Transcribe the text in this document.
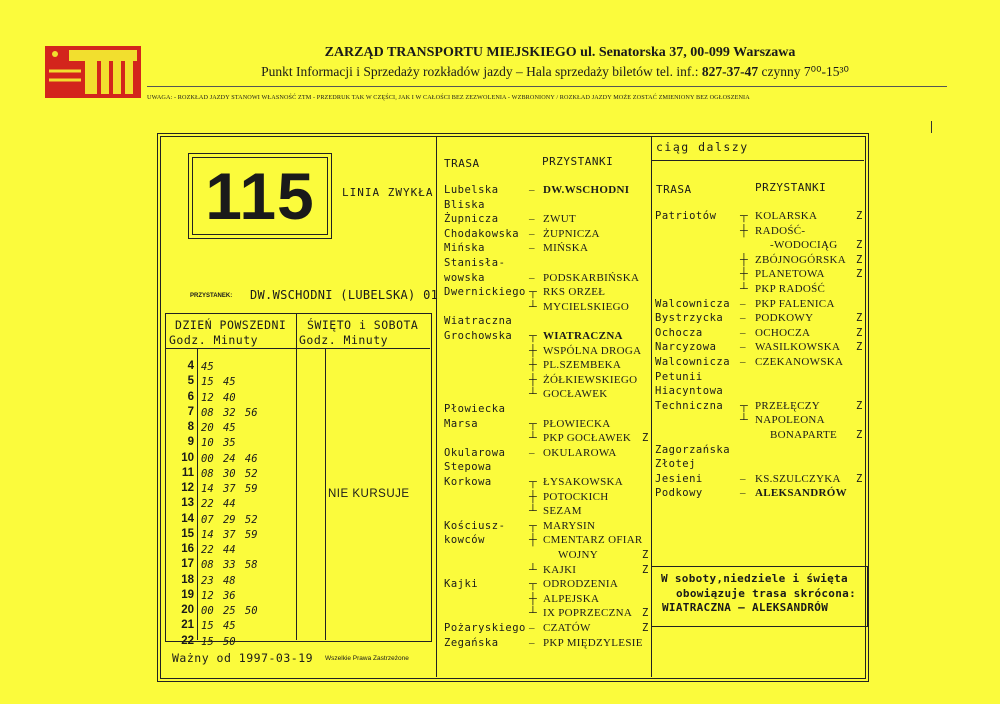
ZARZĄD TRANSPORTU MIEJSKIEGO ul. Senatorska 37, 00-099 Warszawa
Punkt Informacji i Sprzedaży rozkładów jazdy – Hala sprzedaży biletów tel. inf.: 827-37-47 czynny 7⁰⁰-15³⁰
UWAGA: - ROZKŁAD JAZDY STANOWI WŁASNOŚĆ ZTM - PRZEDRUK TAK W CZĘŚCI, JAK I W CAŁOŚCI BEZ ZEZWOLENIA - WZBRONIONY / ROZKŁAD JAZDY MOŻE ZOSTAĆ ZMIENIONY BEZ OGŁOSZENIA
115	LINIA ZWYKŁA
PRZYSTANEK: DW.WSCHODNI (LUBELSKA) 01
DZIEŃ POWSZEDNI
Godz. Minuty
ŚWIĘTO i SOBOTA
Godz. Minuty
4 45
5 15 45
6 12 40
7 08 32 56
8 20 45
9 10 35
10 00 24 46
11 08 30 52
12 14 37 59
13 22 44
14 07 29 52
15 14 37 59
16 22 44
17 08 33 58
18 23 48
19 12 36
20 00 25 50
21 15 45
22 15 50
NIE KURSUJE
Ważny od 1997-03-19 Wszelkie Prawa Zastrzeżone
TRASA	PRZYSTANKI
Lubelska	– DW.WSCHODNI
Bliska
Żupnicza	– ZWUT
Chodakowska – ŻUPNICZA
Mińska	– MIŃSKA
Stanisła-
wowska	– PODSKARBIŃSKA
Dwernickiego ┬ RKS ORZEŁ
┴ MYCIELSKIEGO
Wiatraczna
Grochowska ┬ WIATRACZNA
┼ WSPÓLNA DROGA
┼ PL.SZEMBEKA
┼ ŻÓŁKIEWSKIEGO
┴ GOCŁAWEK
Płowiecka
Marsa	┬ PŁOWIECKA
┴ PKP GOCŁAWEK Z
Okularowa – OKULAROWA
Stepowa
Korkowa	┬ ŁYSAKOWSKA
┼ POTOCKICH
┴ SEZAM
Kościusz- ┬ MARYSIN
kowców	┼ CMENTARZ OFIAR
WOJNY	Z
┴ KAJKI	Z
Kajki	┬ ODRODZENIA
┼ ALPEJSKA
┴ IX POPRZECZNA Z
Pożaryskiego – CZATÓW	Z
Zegańska	– PKP MIĘDZYLESIE
ciąg dalszy
TRASA	PRZYSTANKI
Patriotów ┬ KOLARSKA	Z
┼ RADOŚĆ-
-WODOCIĄG Z
┼ ZBÓJNOGÓRSKA Z
┼ PLANETOWA	Z
┴ PKP RADOŚĆ
Walcownicza – PKP FALENICA
Bystrzycka – PODKOWY	Z
Ochocza	– OCHOCZA	Z
Narcyzowa – WASILKOWSKA Z
Walcownicza – CZEKANOWSKA
Petunii
Hiacyntowa
Techniczna ┬ PRZEŁĘCZY	Z
┴ NAPOLEONA
BONAPARTE Z
Zagorzańska
Złotej
Jesieni	– KS.SZULCZYKA Z
Podkowy	– ALEKSANDRÓW
W soboty,niedziele i święta
obowiązuje trasa skrócona:
WIATRACZNA – ALEKSANDRÓW
